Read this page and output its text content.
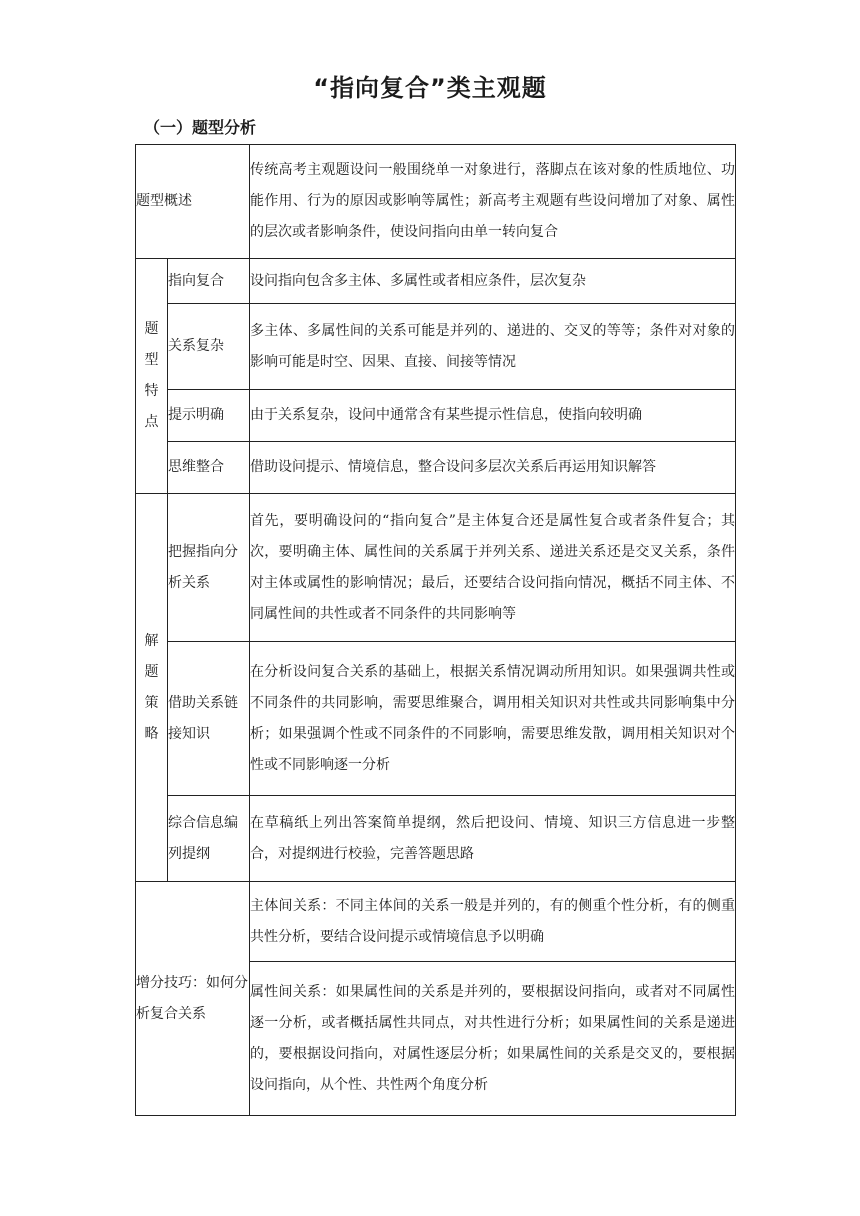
“指向复合”类主观题
（一）题型分析
题型概述		传统高考主观题设问一般围绕单一对象进行，落脚点在该对象的性质地位、功能作用、行为的原因或影响等属性；新高考主观题有些设问增加了对象、属性的层次或者影响条件，使设问指向由单一转向复合

题
型
特
点	指向复合	设问指向包含多主体、多属性或者相应条件，层次复杂
	关系复杂	多主体、多属性间的关系可能是并列的、递进的、交叉的等等；条件对对象的影响可能是时空、因果、直接、间接等情况
	提示明确	由于关系复杂，设问中通常含有某些提示性信息，使指向较明确
	思维整合	借助设问提示、情境信息，整合设问多层次关系后再运用知识解答

解
题
策
略	把握指向分析关系	首先，要明确设问的“指向复合”是主体复合还是属性复合或者条件复合；其次，要明确主体、属性间的关系属于并列关系、递进关系还是交叉关系，条件对主体或属性的影响情况；最后，还要结合设问指向情况，概括不同主体、不同属性间的共性或者不同条件的共同影响等
	借助关系链接知识	在分析设问复合关系的基础上，根据关系情况调动所用知识。如果强调共性或不同条件的共同影响，需要思维聚合，调用相关知识对共性或共同影响集中分析；如果强调个性或不同条件的不同影响，需要思维发散，调用相关知识对个性或不同影响逐一分析
	综合信息编列提纲	在草稿纸上列出答案简单提纲，然后把设问、情境、知识三方信息进一步整合，对提纲进行校验，完善答题思路
增分技巧：如何分析复合关系		主体间关系：不同主体间的关系一般是并列的，有的侧重个性分析，有的侧重共性分析，要结合设问提示或情境信息予以明确
		属性间关系：如果属性间的关系是并列的，要根据设问指向，或者对不同属性逐一分析，或者概括属性共同点，对共性进行分析；如果属性间的关系是递进的，要根据设问指向，对属性逐层分析；如果属性间的关系是交叉的，要根据设问指向，从个性、共性两个角度分析
